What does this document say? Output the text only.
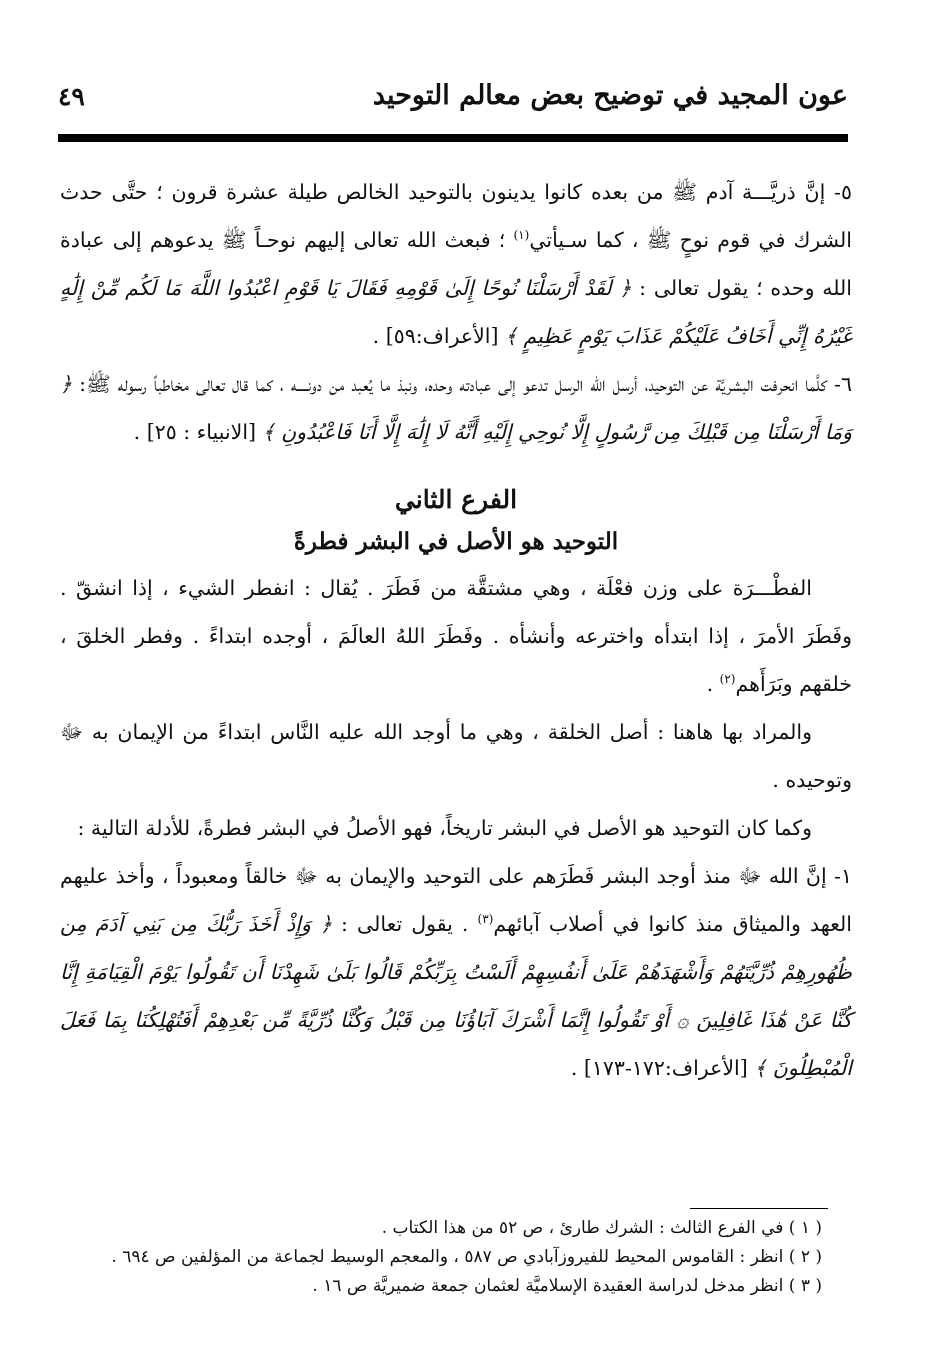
عون المجيد في توضيح بعض معالم التوحيد
٤٩

٥- إنَّ ذريَّـــة آدم ﷺ من بعده كانوا يدينون بالتوحيد الخالص طيلة عشرة قرون ؛ حتَّى حدث الشرك في قوم نوحٍ ﷺ ، كما سـيأتي$^{(١)}$ ؛ فبعث الله تعالى إليهم نوحـاً ﷺ يدعوهم إلى عبادة الله وحده ؛ يقول تعالى : ﴿ لَقَدْ أَرْسَلْنَا نُوحًا إِلَىٰ قَوْمِهِ فَقَالَ يَا قَوْمِ اعْبُدُوا اللَّهَ مَا لَكُم مِّنْ إِلَٰهٍ غَيْرُهُ إِنِّي أَخَافُ عَلَيْكُمْ عَذَابَ يَوْمٍ عَظِيمٍ ﴾ [الأعراف:٥٩] .

٦- كلَّما انحرفت البشريَّة عن التوحيد، أرسل الله الرسل تدعو إلى عبادته وحده، ونبذ ما يُعبد من دونــــه ، كما قال تعالى مخاطباً رسوله ﷺ: ﴿ وَمَا أَرْسَلْنَا مِن قَبْلِكَ مِن رَّسُولٍ إِلَّا نُوحِي إِلَيْهِ أَنَّهُ لَا إِلَٰهَ إِلَّا أَنَا فَاعْبُدُونِ ﴾ [الانبياء : ٢٥] .

الفرع الثاني
التوحيد هو الأصل في البشر فطرةً

الفطْـــرَة على وزن فعْلَة ، وهي مشتقَّة من فَطَرَ . يُقال : انفطر الشيء ، إذا انشقّ . وفَطَرَ الأمرَ ، إذا ابتدأه واخترعه وأنشأه . وفَطَرَ اللهُ العالَمَ ، أوجده ابتداءً . وفطر الخلقَ ، خلقهم وبَرَأَهم$^{(٢)}$ .

والمراد بها هاهنا : أصل الخلقة ، وهي ما أوجد الله عليه النَّاس ابتداءً من الإيمان به ﷻ وتوحيده .

وكما كان التوحيد هو الأصل في البشر تاريخاً، فهو الأصلُ في البشر فطرةً، للأدلة التالية :

١- إنَّ الله ﷻ منذ أوجد البشر فَطَرَهم على التوحيد والإيمان به ﷻ خالقاً ومعبوداً ، وأخذ عليهم العهد والميثاق منذ كانوا في أصلاب آبائهم$^{(٣)}$ . يقول تعالى : ﴿ وَإِذْ أَخَذَ رَبُّكَ مِن بَنِي آدَمَ مِن ظُهُورِهِمْ ذُرِّيَّتَهُمْ وَأَشْهَدَهُمْ عَلَىٰ أَنفُسِهِمْ أَلَسْتُ بِرَبِّكُمْ قَالُوا بَلَىٰ شَهِدْنَا أَن تَقُولُوا يَوْمَ الْقِيَامَةِ إِنَّا كُنَّا عَنْ هَٰذَا غَافِلِينَ ۞ أَوْ تَقُولُوا إِنَّمَا أَشْرَكَ آبَاؤُنَا مِن قَبْلُ وَكُنَّا ذُرِّيَّةً مِّن بَعْدِهِمْ أَفَتُهْلِكُنَا بِمَا فَعَلَ الْمُبْطِلُونَ ﴾ [الأعراف:١٧٢-١٧٣] .

( ١ ) في الفرع الثالث : الشرك طارئ ، ص ٥٢ من هذا الكتاب .

( ٢ ) انظر : القاموس المحيط للفيروزآبادي ص ٥٨٧ ، والمعجم الوسيط لجماعة من المؤلفين ص ٦٩٤ .

( ٣ ) انظر مدخل لدراسة العقيدة الإسلاميَّة لعثمان جمعة ضميريَّة ص ١٦ .
